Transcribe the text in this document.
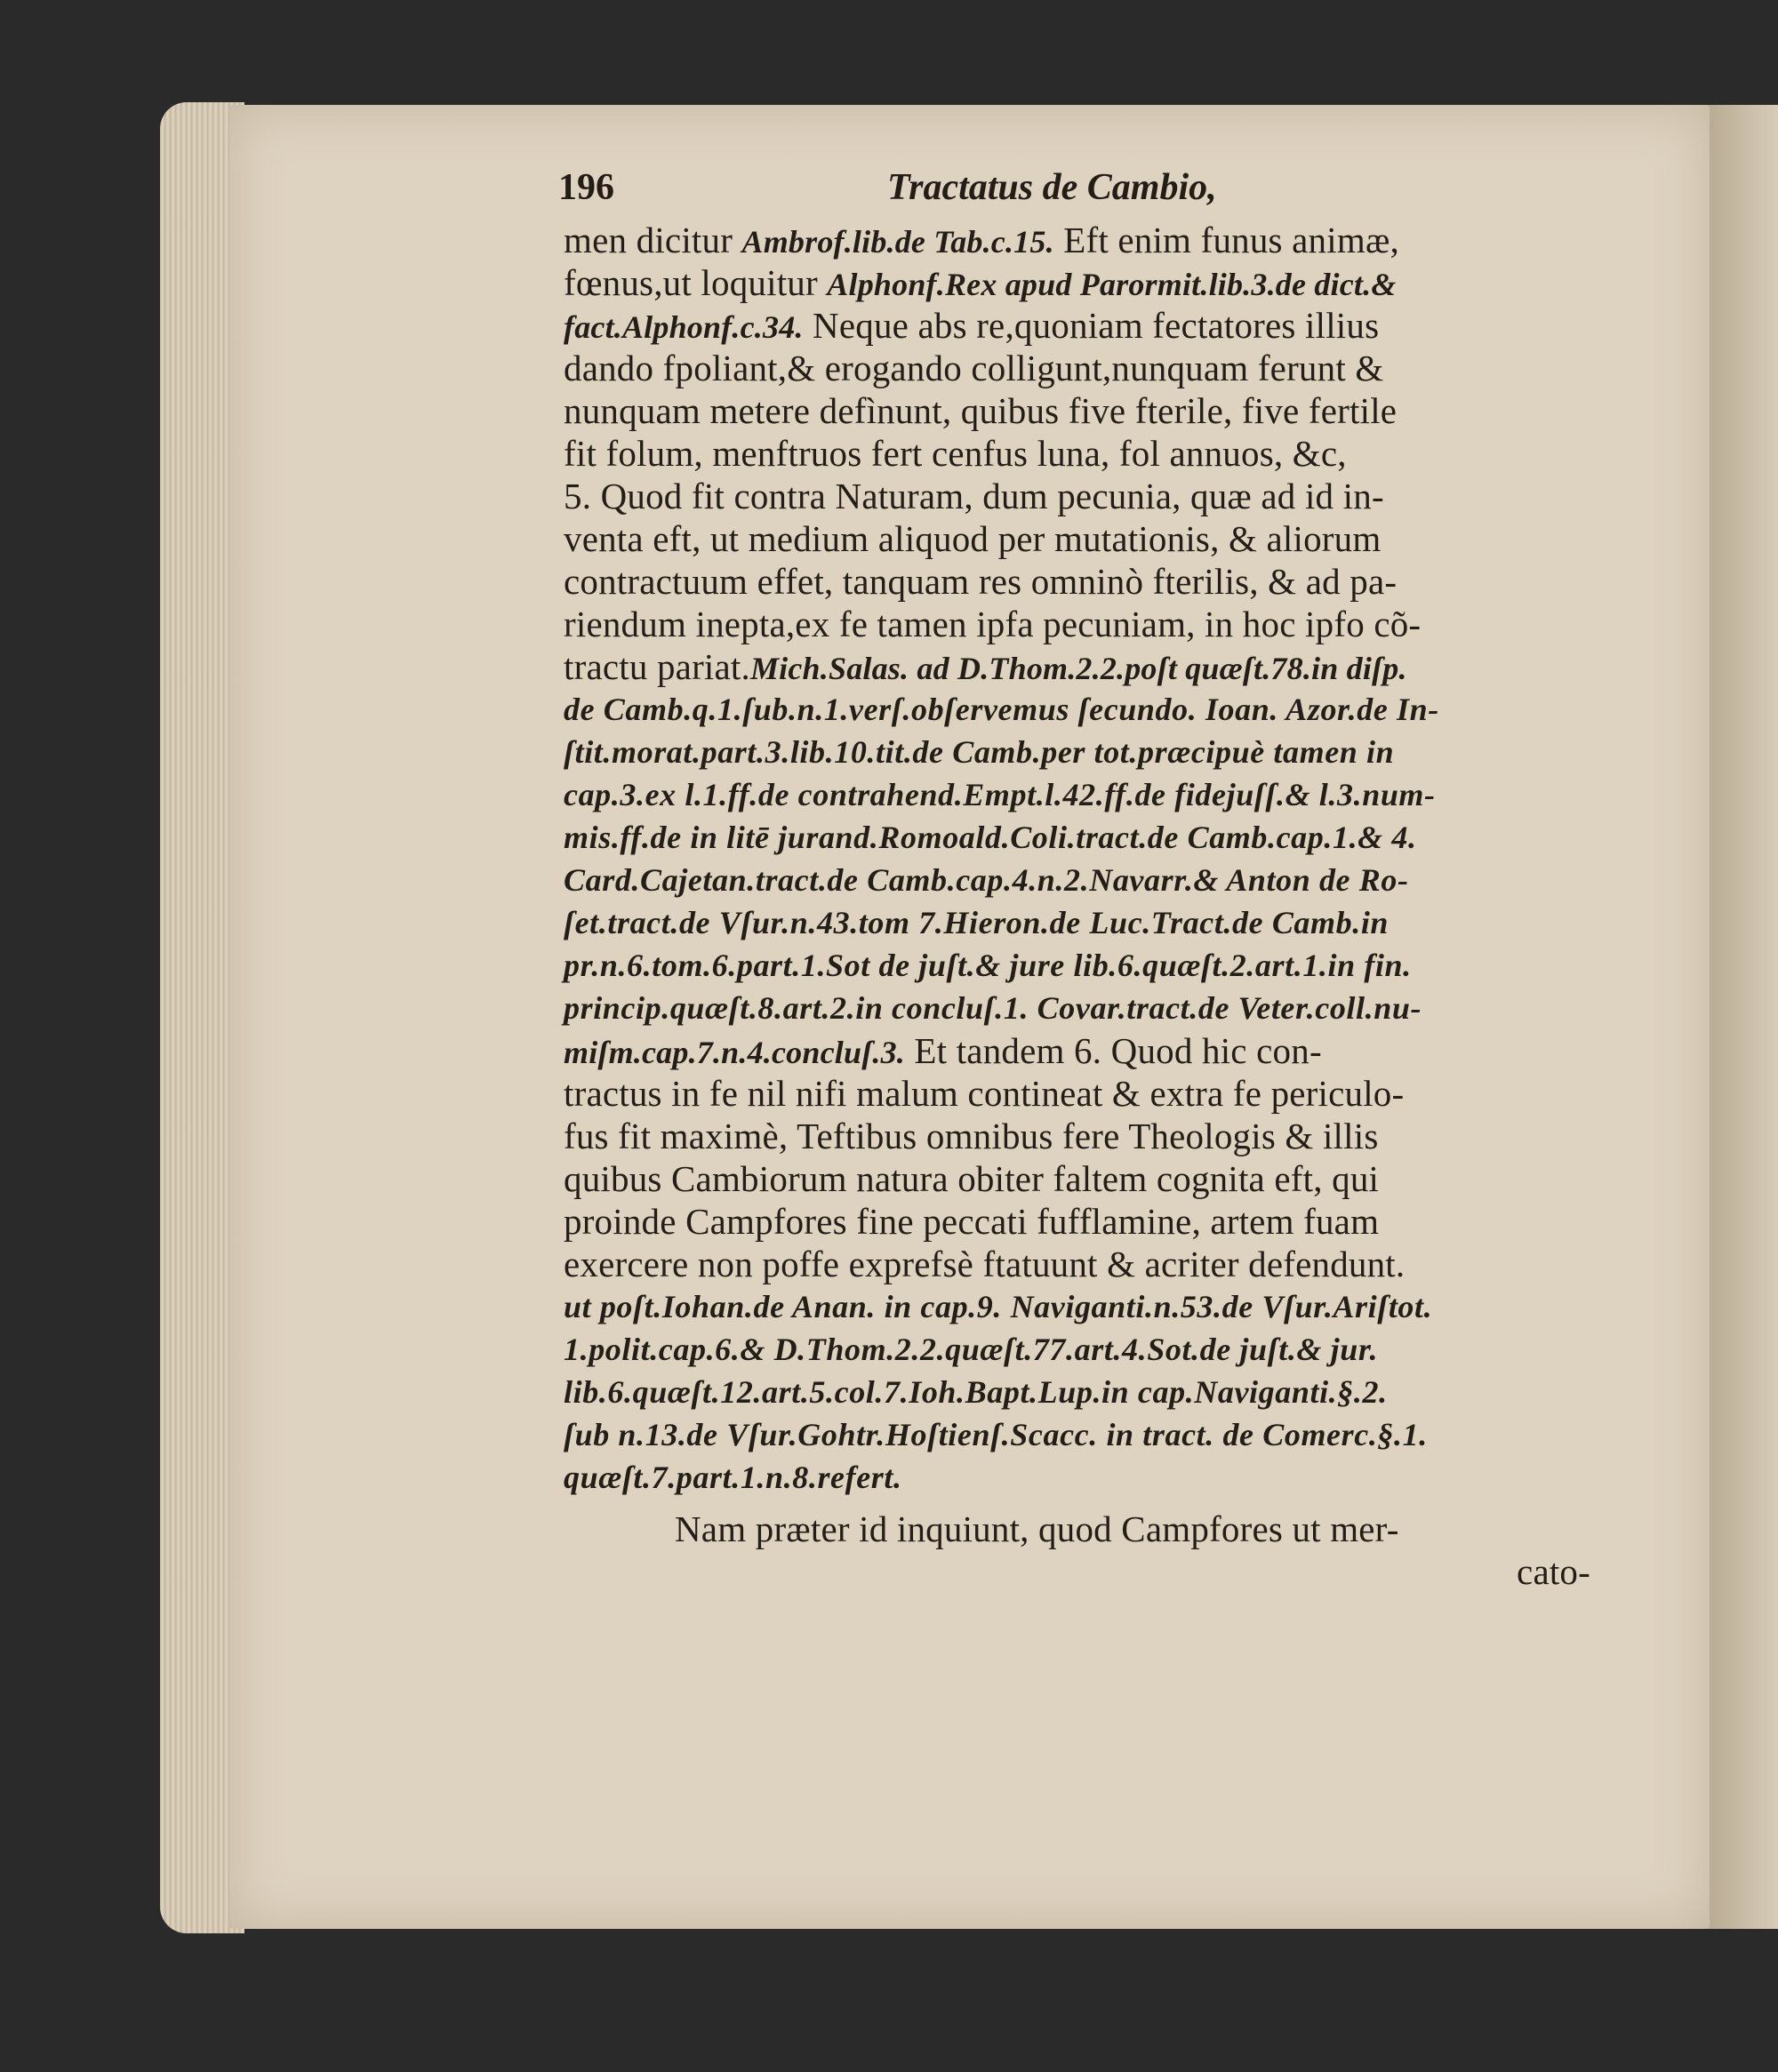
196	Tractatus de Cambio,
men dicitur Ambrof.lib.de Tab.c.15. Eft enim funus animæ,
fœnus,ut loquitur Alphonf.Rex apud Parormit.lib.3.de dict.&
fact.Alphonf.c.34. Neque abs re,quoniam fectatores illius
dando fpoliant,& erogando colligunt,nunquam ferunt &
nunquam metere defìnunt, quibus five fterile, five fertile
fit folum, menftruos fert cenfus luna, fol annuos, &c,
5. Quod fit contra Naturam, dum pecunia, quæ ad id in-
venta eft, ut medium aliquod per mutationis, & aliorum
contractuum effet, tanquam res omninò fterilis, & ad pa-
riendum inepta,ex fe tamen ipfa pecuniam, in hoc ipfo cõ-
tractu pariat.Mich.Salas. ad D.Thom.2.2.poſt quæſt.78.in diſp.
de Camb.q.1.ſub.n.1.verſ.obſervemus ſecundo. Ioan. Azor.de In-
ſtit.morat.part.3.lib.10.tit.de Camb.per tot.præcipuè tamen in
cap.3.ex l.1.ff.de contrahend.Empt.l.42.ff.de fidejuſſ.& l.3.num-
mis.ff.de in litē jurand.Romoald.Coli.tract.de Camb.cap.1.& 4.
Card.Cajetan.tract.de Camb.cap.4.n.2.Navarr.& Anton de Ro-
ſet.tract.de Vſur.n.43.tom 7.Hieron.de Luc.Tract.de Camb.in
pr.n.6.tom.6.part.1.Sot de juſt.& jure lib.6.quæſt.2.art.1.in fin.
princip.quæſt.8.art.2.in concluſ.1. Covar.tract.de Veter.coll.nu-
miſm.cap.7.n.4.concluſ.3. Et tandem 6. Quod hic con-
tractus in fe nil nifi malum contineat & extra fe periculo-
fus fit maximè, Teftibus omnibus fere Theologis & illis
quibus Cambiorum natura obiter faltem cognita eft, qui
proinde Campfores fine peccati fufflamine, artem fuam
exercere non poffe exprefsè ftatuunt & acriter defendunt.
ut poſt.Iohan.de Anan. in cap.9. Naviganti.n.53.de Vſur.Ariſtot.
1.polit.cap.6.& D.Thom.2.2.quæſt.77.art.4.Sot.de juſt.& jur.
lib.6.quæſt.12.art.5.col.7.Ioh.Bapt.Lup.in cap.Naviganti.§.2.
ſub n.13.de Vſur.Gohtr.Hoſtienſ.Scacc. in tract. de Comerc.§.1.
quæſt.7.part.1.n.8.refert.
Nam præter id inquiunt, quod Campfores ut mer-
cato-
